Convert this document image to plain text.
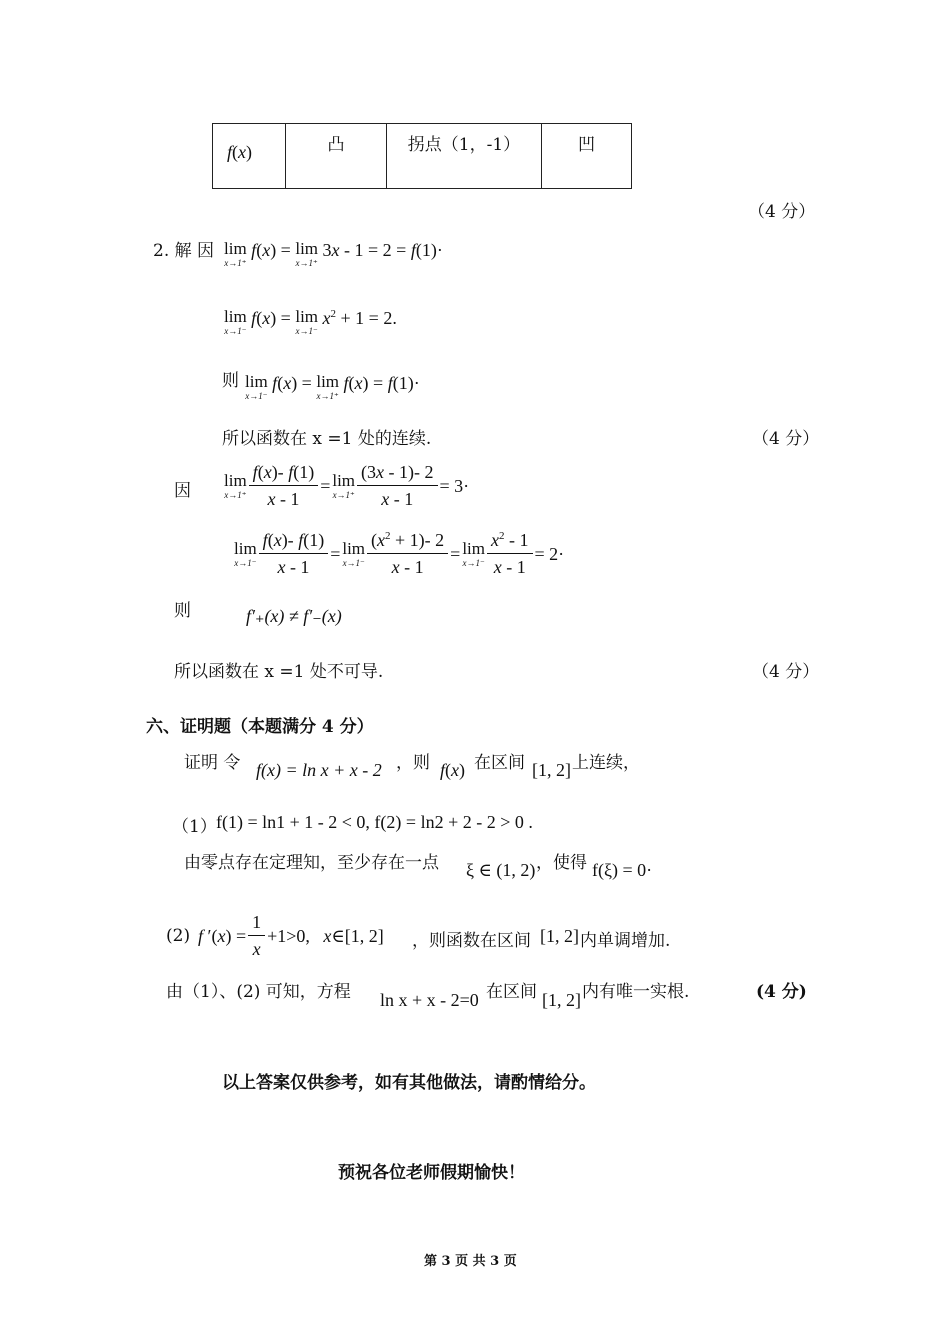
f(x)	凸	拐点（1，-1）	凹
（4 分）
2. 解 因 lim
x→1⁺
f(x) = lim
x→1⁺
3x - 1 = 2 = f(1)·
lim
x→1⁻
f(x) = lim
x→1⁻
$x^2 + 1 = 2$.
则 lim
x→1⁻
f(x) = lim
x→1⁺
f(x) = f(1)·
所以函数在 x =1 处的连续.	（4 分）
因
lim
$x\to 1^+ \frac{f(x)- f(1)}{x - 1} = \lim$
$x\to 1^+ \frac{(3x - 1)- 2}{x - 1} = 3\cdot$
lim
$x\to 1^- \frac{f(x)- f(1)}{x - 1} = \lim$
$x\to 1^- \frac{(x^2 + 1)- 2}{x - 1} = \lim$
$x\to 1^- \frac{x^2 - 1}{x - 1} = 2\cdot$
则	f′₊(x) ≠ f′₋(x)
所以函数在 x =1 处不可导.	（4 分）
六、证明题（本题满分 4 分）
证明 令 f(x) = ln x + x - 2 ，则 f(x) 在区间 [1, 2] 上连续，
（1） f(1) = ln1 + 1 - 2 < 0, f(2) = ln2 + 2 - 2 > 0 .
由零点存在定理知，至少存在一点 ξ ∈ (1, 2) ，使得 f(ξ) = 0·
(2) f $'(x) = \frac{1}{x} +1>0$,   x∈[1, 2] ，则函数在区间 [1, 2] 内单调增加.
由（1）、(2) 可知，方程 ln x + x - 2=0 在区间 [1, 2] 内有唯一实根.	(4 分)
以上答案仅供参考，如有其他做法，请酌情给分。
预祝各位老师假期愉快！
第 3 页 共 3 页
